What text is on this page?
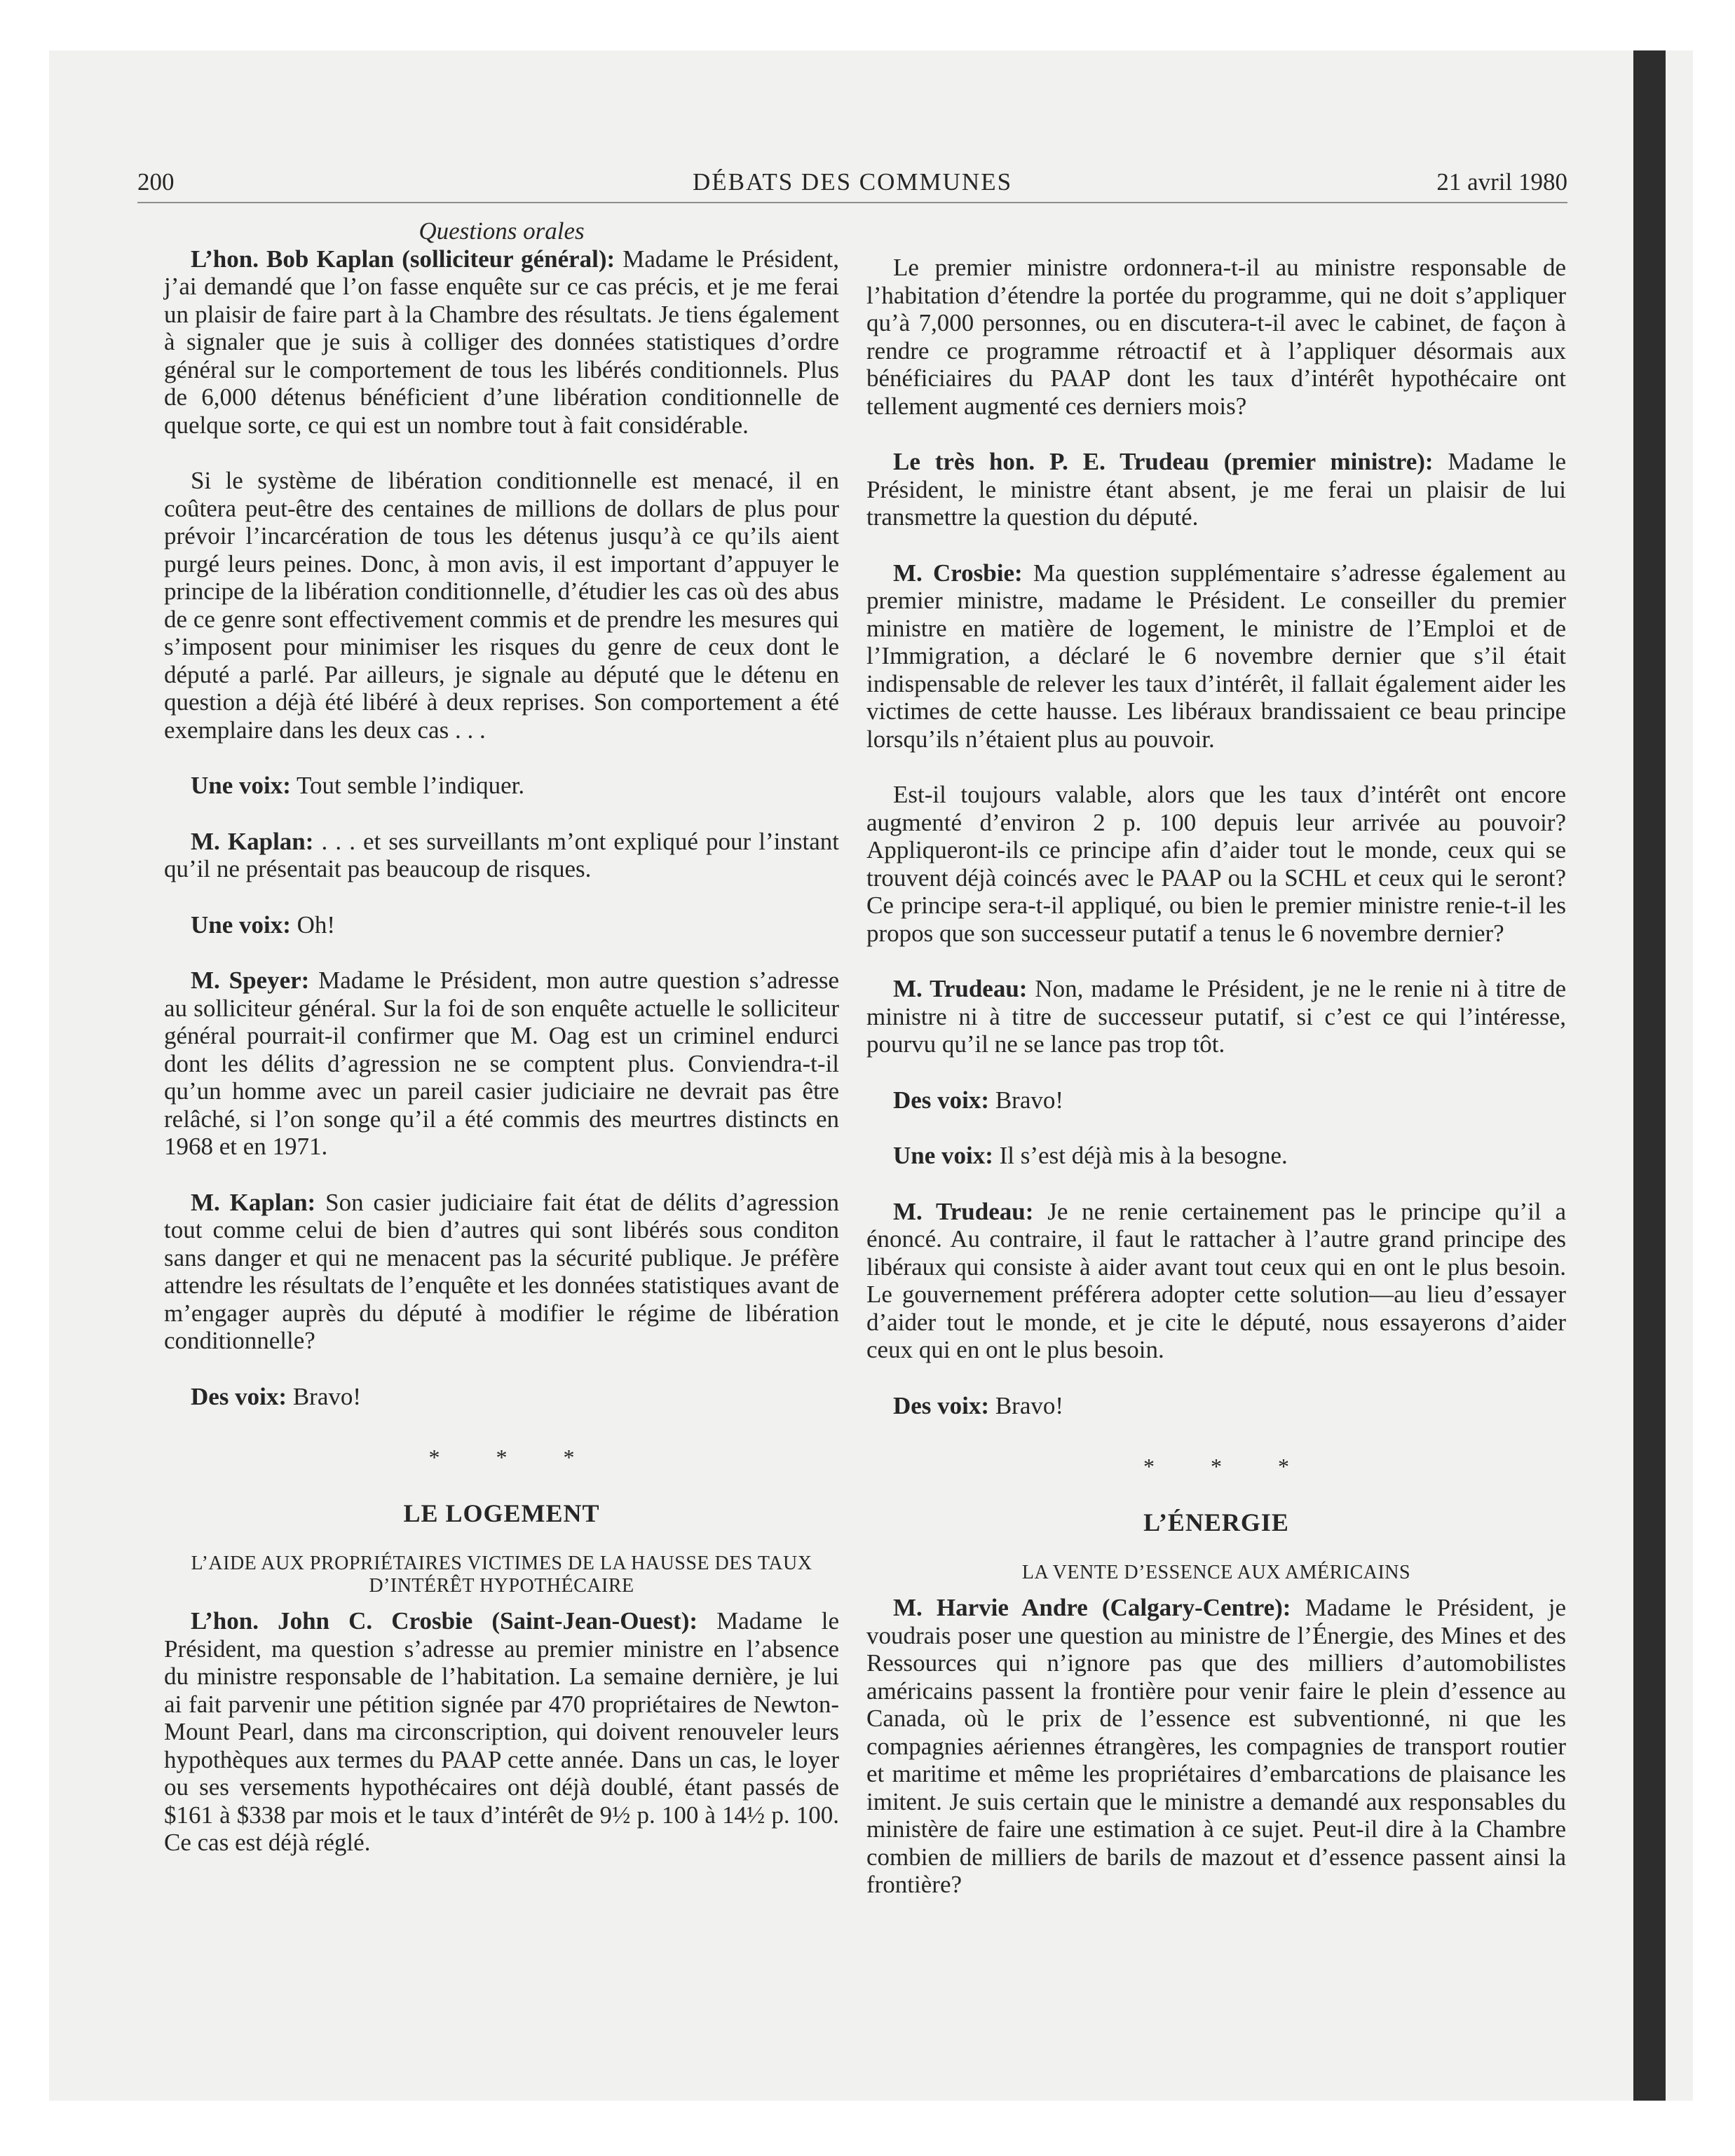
200	DÉBATS DES COMMUNES	21 avril 1980

Questions orales

L’hon. Bob Kaplan (solliciteur général): Madame le Président, j’ai demandé que l’on fasse enquête sur ce cas précis, et je me ferai un plaisir de faire part à la Chambre des résultats. Je tiens également à signaler que je suis à colliger des données statistiques d’ordre général sur le comportement de tous les libérés conditionnels. Plus de 6,000 détenus bénéficient d’une libération conditionnelle de quelque sorte, ce qui est un nombre tout à fait considérable.

Si le système de libération conditionnelle est menacé, il en coûtera peut-être des centaines de millions de dollars de plus pour prévoir l’incarcération de tous les détenus jusqu’à ce qu’ils aient purgé leurs peines. Donc, à mon avis, il est important d’appuyer le principe de la libération conditionnelle, d’étudier les cas où des abus de ce genre sont effectivement commis et de prendre les mesures qui s’imposent pour minimiser les risques du genre de ceux dont le député a parlé. Par ailleurs, je signale au député que le détenu en question a déjà été libéré à deux reprises. Son comportement a été exemplaire dans les deux cas . . .

Une voix: Tout semble l’indiquer.

M. Kaplan: . . . et ses surveillants m’ont expliqué pour l’instant qu’il ne présentait pas beaucoup de risques.

Une voix: Oh!

M. Speyer: Madame le Président, mon autre question s’adresse au solliciteur général. Sur la foi de son enquête actuelle le solliciteur général pourrait-il confirmer que M. Oag est un criminel endurci dont les délits d’agression ne se comptent plus. Conviendra-t-il qu’un homme avec un pareil casier judiciaire ne devrait pas être relâché, si l’on songe qu’il a été commis des meurtres distincts en 1968 et en 1971.

M. Kaplan: Son casier judiciaire fait état de délits d’agression tout comme celui de bien d’autres qui sont libérés sous conditon sans danger et qui ne menacent pas la sécurité publique. Je préfère attendre les résultats de l’enquête et les données statistiques avant de m’engager auprès du député à modifier le régime de libération conditionnelle?

Des voix: Bravo!

* * *

LE LOGEMENT

L’AIDE AUX PROPRIÉTAIRES VICTIMES DE LA HAUSSE DES TAUX D’INTÉRÊT HYPOTHÉCAIRE

L’hon. John C. Crosbie (Saint-Jean-Ouest): Madame le Président, ma question s’adresse au premier ministre en l’absence du ministre responsable de l’habitation. La semaine dernière, je lui ai fait parvenir une pétition signée par 470 propriétaires de Newton-Mount Pearl, dans ma circonscription, qui doivent renouveler leurs hypothèques aux termes du PAAP cette année. Dans un cas, le loyer ou ses versements hypothécaires ont déjà doublé, étant passés de $161 à $338 par mois et le taux d’intérêt de 9½ p. 100 à 14½ p. 100. Ce cas est déjà réglé.

Le premier ministre ordonnera-t-il au ministre responsable de l’habitation d’étendre la portée du programme, qui ne doit s’appliquer qu’à 7,000 personnes, ou en discutera-t-il avec le cabinet, de façon à rendre ce programme rétroactif et à l’appliquer désormais aux bénéficiaires du PAAP dont les taux d’intérêt hypothécaire ont tellement augmenté ces derniers mois?

Le très hon. P. E. Trudeau (premier ministre): Madame le Président, le ministre étant absent, je me ferai un plaisir de lui transmettre la question du député.

M. Crosbie: Ma question supplémentaire s’adresse également au premier ministre, madame le Président. Le conseiller du premier ministre en matière de logement, le ministre de l’Emploi et de l’Immigration, a déclaré le 6 novembre dernier que s’il était indispensable de relever les taux d’intérêt, il fallait également aider les victimes de cette hausse. Les libéraux brandissaient ce beau principe lorsqu’ils n’étaient plus au pouvoir.

Est-il toujours valable, alors que les taux d’intérêt ont encore augmenté d’environ 2 p. 100 depuis leur arrivée au pouvoir? Appliqueront-ils ce principe afin d’aider tout le monde, ceux qui se trouvent déjà coincés avec le PAAP ou la SCHL et ceux qui le seront? Ce principe sera-t-il appliqué, ou bien le premier ministre renie-t-il les propos que son successeur putatif a tenus le 6 novembre dernier?

M. Trudeau: Non, madame le Président, je ne le renie ni à titre de ministre ni à titre de successeur putatif, si c’est ce qui l’intéresse, pourvu qu’il ne se lance pas trop tôt.

Des voix: Bravo!

Une voix: Il s’est déjà mis à la besogne.

M. Trudeau: Je ne renie certainement pas le principe qu’il a énoncé. Au contraire, il faut le rattacher à l’autre grand principe des libéraux qui consiste à aider avant tout ceux qui en ont le plus besoin. Le gouvernement préférera adopter cette solution—au lieu d’essayer d’aider tout le monde, et je cite le député, nous essayerons d’aider ceux qui en ont le plus besoin.

Des voix: Bravo!

* * *

L’ÉNERGIE

LA VENTE D’ESSENCE AUX AMÉRICAINS

M. Harvie Andre (Calgary-Centre): Madame le Président, je voudrais poser une question au ministre de l’Énergie, des Mines et des Ressources qui n’ignore pas que des milliers d’automobilistes américains passent la frontière pour venir faire le plein d’essence au Canada, où le prix de l’essence est subventionné, ni que les compagnies aériennes étrangères, les compagnies de transport routier et maritime et même les propriétaires d’embarcations de plaisance les imitent. Je suis certain que le ministre a demandé aux responsables du ministère de faire une estimation à ce sujet. Peut-il dire à la Chambre combien de milliers de barils de mazout et d’essence passent ainsi la frontière?
